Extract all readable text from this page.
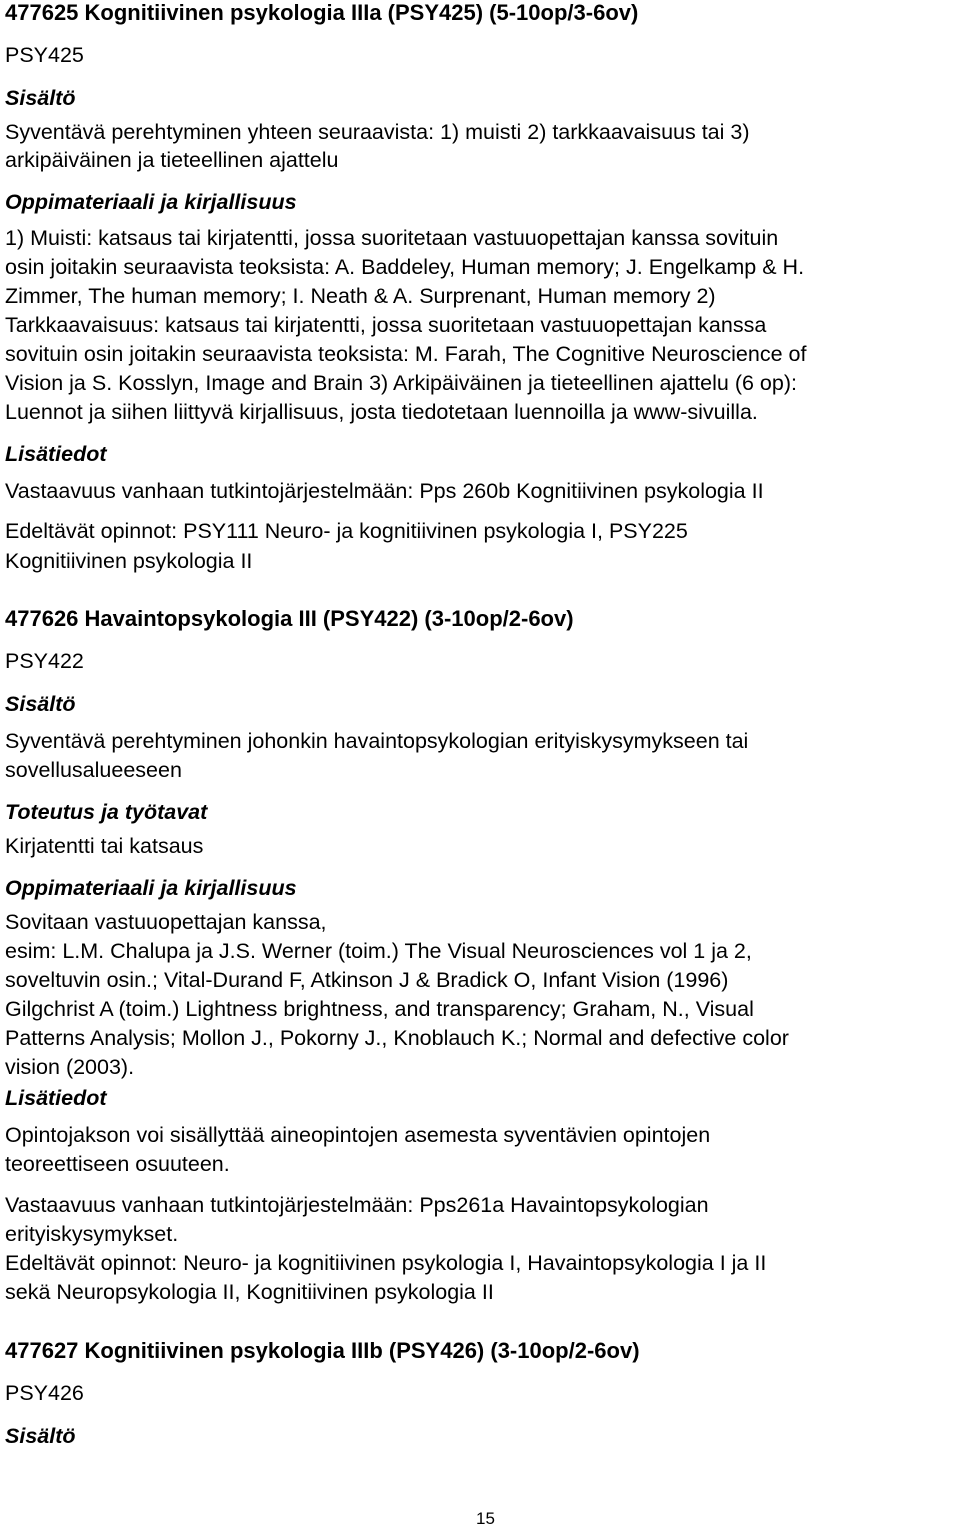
477625 Kognitiivinen psykologia IIIa (PSY425) (5-10op/3-6ov)
PSY425
Sisältö
Syventävä perehtyminen yhteen seuraavista: 1) muisti 2) tarkkaavaisuus tai 3)
arkipäiväinen ja tieteellinen ajattelu
Oppimateriaali ja kirjallisuus
1) Muisti: katsaus tai kirjatentti, jossa suoritetaan vastuuopettajan kanssa sovituin
osin joitakin seuraavista teoksista: A. Baddeley, Human memory; J. Engelkamp & H.
Zimmer, The human memory; I. Neath & A. Surprenant, Human memory 2)
Tarkkaavaisuus: katsaus tai kirjatentti, jossa suoritetaan vastuuopettajan kanssa
sovituin osin joitakin seuraavista teoksista: M. Farah, The Cognitive Neuroscience of
Vision ja S. Kosslyn, Image and Brain 3) Arkipäiväinen ja tieteellinen ajattelu (6 op):
Luennot ja siihen liittyvä kirjallisuus, josta tiedotetaan luennoilla ja www-sivuilla.
Lisätiedot
Vastaavuus vanhaan tutkintojärjestelmään: Pps 260b Kognitiivinen psykologia II
Edeltävät opinnot: PSY111 Neuro- ja kognitiivinen psykologia I, PSY225
Kognitiivinen psykologia II
477626 Havaintopsykologia III (PSY422) (3-10op/2-6ov)
PSY422
Sisältö
Syventävä perehtyminen johonkin havaintopsykologian erityiskysymykseen tai
sovellusalueeseen
Toteutus ja työtavat
Kirjatentti tai katsaus
Oppimateriaali ja kirjallisuus
Sovitaan vastuuopettajan kanssa,
esim: L.M. Chalupa ja J.S. Werner (toim.) The Visual Neurosciences vol 1 ja 2,
soveltuvin osin.; Vital-Durand F, Atkinson J & Bradick O, Infant Vision (1996)
Gilgchrist A (toim.) Lightness brightness, and transparency; Graham, N., Visual
Patterns Analysis; Mollon J., Pokorny J., Knoblauch K.; Normal and defective color
vision (2003).
Lisätiedot
Opintojakson voi sisällyttää aineopintojen asemesta syventävien opintojen
teoreettiseen osuuteen.
Vastaavuus vanhaan tutkintojärjestelmään: Pps261a Havaintopsykologian
erityiskysymykset.
Edeltävät opinnot: Neuro- ja kognitiivinen psykologia I, Havaintopsykologia I ja II
sekä Neuropsykologia II, Kognitiivinen psykologia II
477627 Kognitiivinen psykologia IIIb (PSY426) (3-10op/2-6ov)
PSY426
Sisältö
15
